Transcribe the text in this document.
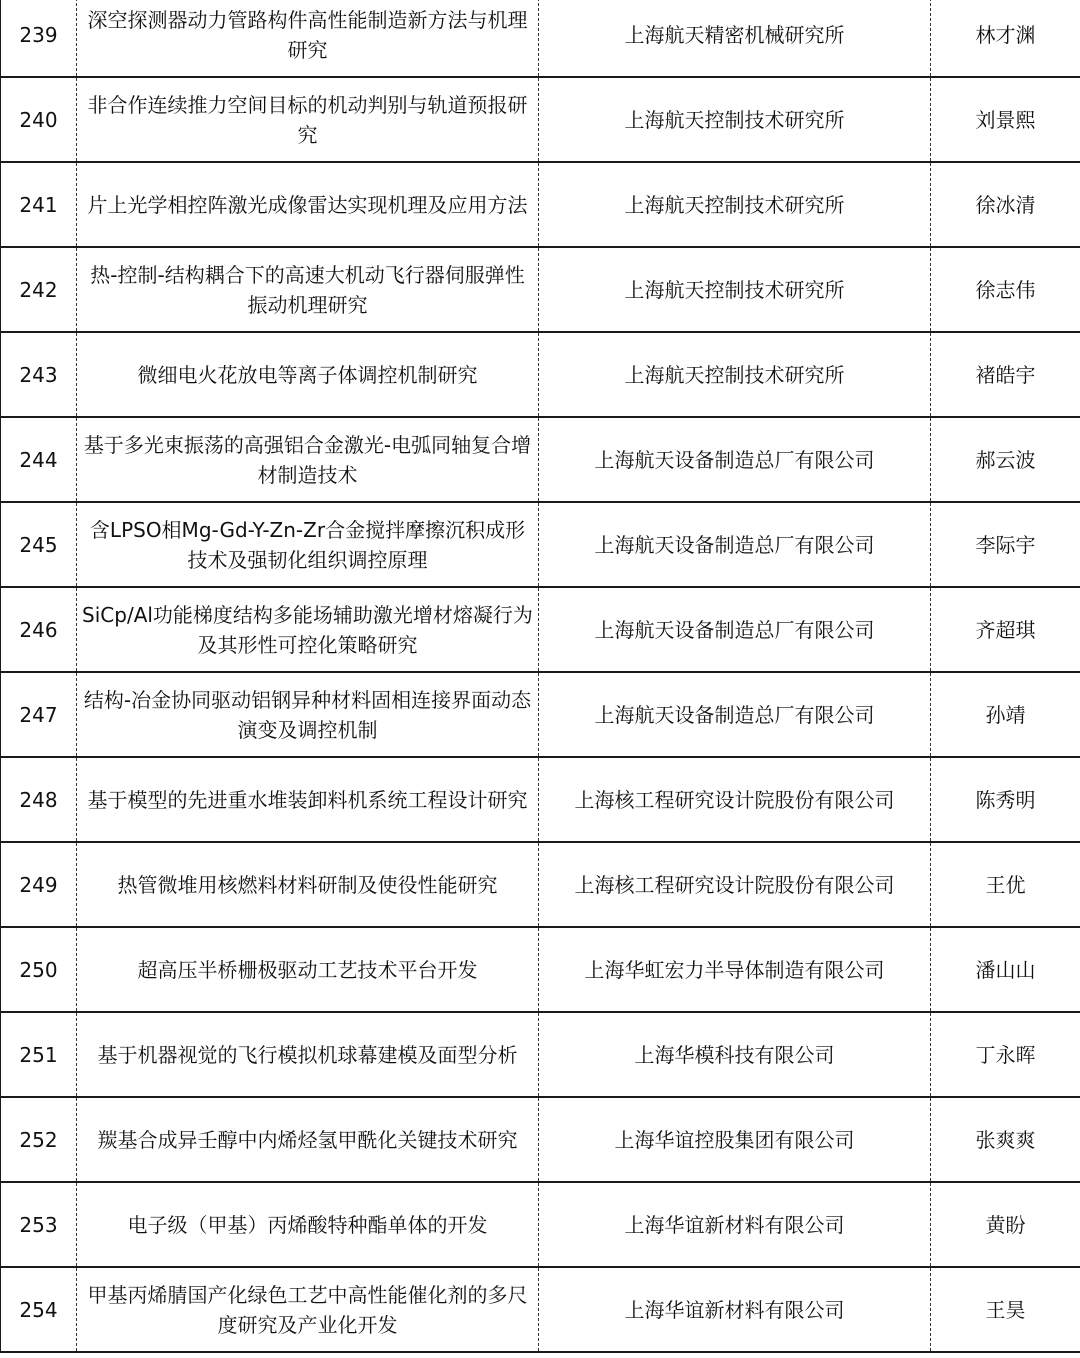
239	深空探测器动力管路构件高性能制造新方法与机理研究	上海航天精密机械研究所	林才渊
240	非合作连续推力空间目标的机动判别与轨道预报研究	上海航天控制技术研究所	刘景熙
241	片上光学相控阵激光成像雷达实现机理及应用方法	上海航天控制技术研究所	徐冰清
242	热-控制-结构耦合下的高速大机动飞行器伺服弹性振动机理研究	上海航天控制技术研究所	徐志伟
243	微细电火花放电等离子体调控机制研究	上海航天控制技术研究所	褚皓宇
244	基于多光束振荡的高强铝合金激光-电弧同轴复合增材制造技术	上海航天设备制造总厂有限公司	郝云波
245	含LPSO相Mg-Gd-Y-Zn-Zr合金搅拌摩擦沉积成形技术及强韧化组织调控原理	上海航天设备制造总厂有限公司	李际宇
246	SiCp/Al功能梯度结构多能场辅助激光增材熔凝行为及其形性可控化策略研究	上海航天设备制造总厂有限公司	齐超琪
247	结构-冶金协同驱动铝钢异种材料固相连接界面动态演变及调控机制	上海航天设备制造总厂有限公司	孙靖
248	基于模型的先进重水堆装卸料机系统工程设计研究	上海核工程研究设计院股份有限公司	陈秀明
249	热管微堆用核燃料材料研制及使役性能研究	上海核工程研究设计院股份有限公司	王优
250	超高压半桥栅极驱动工艺技术平台开发	上海华虹宏力半导体制造有限公司	潘山山
251	基于机器视觉的飞行模拟机球幕建模及面型分析	上海华模科技有限公司	丁永晖
252	羰基合成异壬醇中内烯烃氢甲酰化关键技术研究	上海华谊控股集团有限公司	张爽爽
253	电子级（甲基）丙烯酸特种酯单体的开发	上海华谊新材料有限公司	黄盼
254	甲基丙烯腈国产化绿色工艺中高性能催化剂的多尺度研究及产业化开发	上海华谊新材料有限公司	王昊
